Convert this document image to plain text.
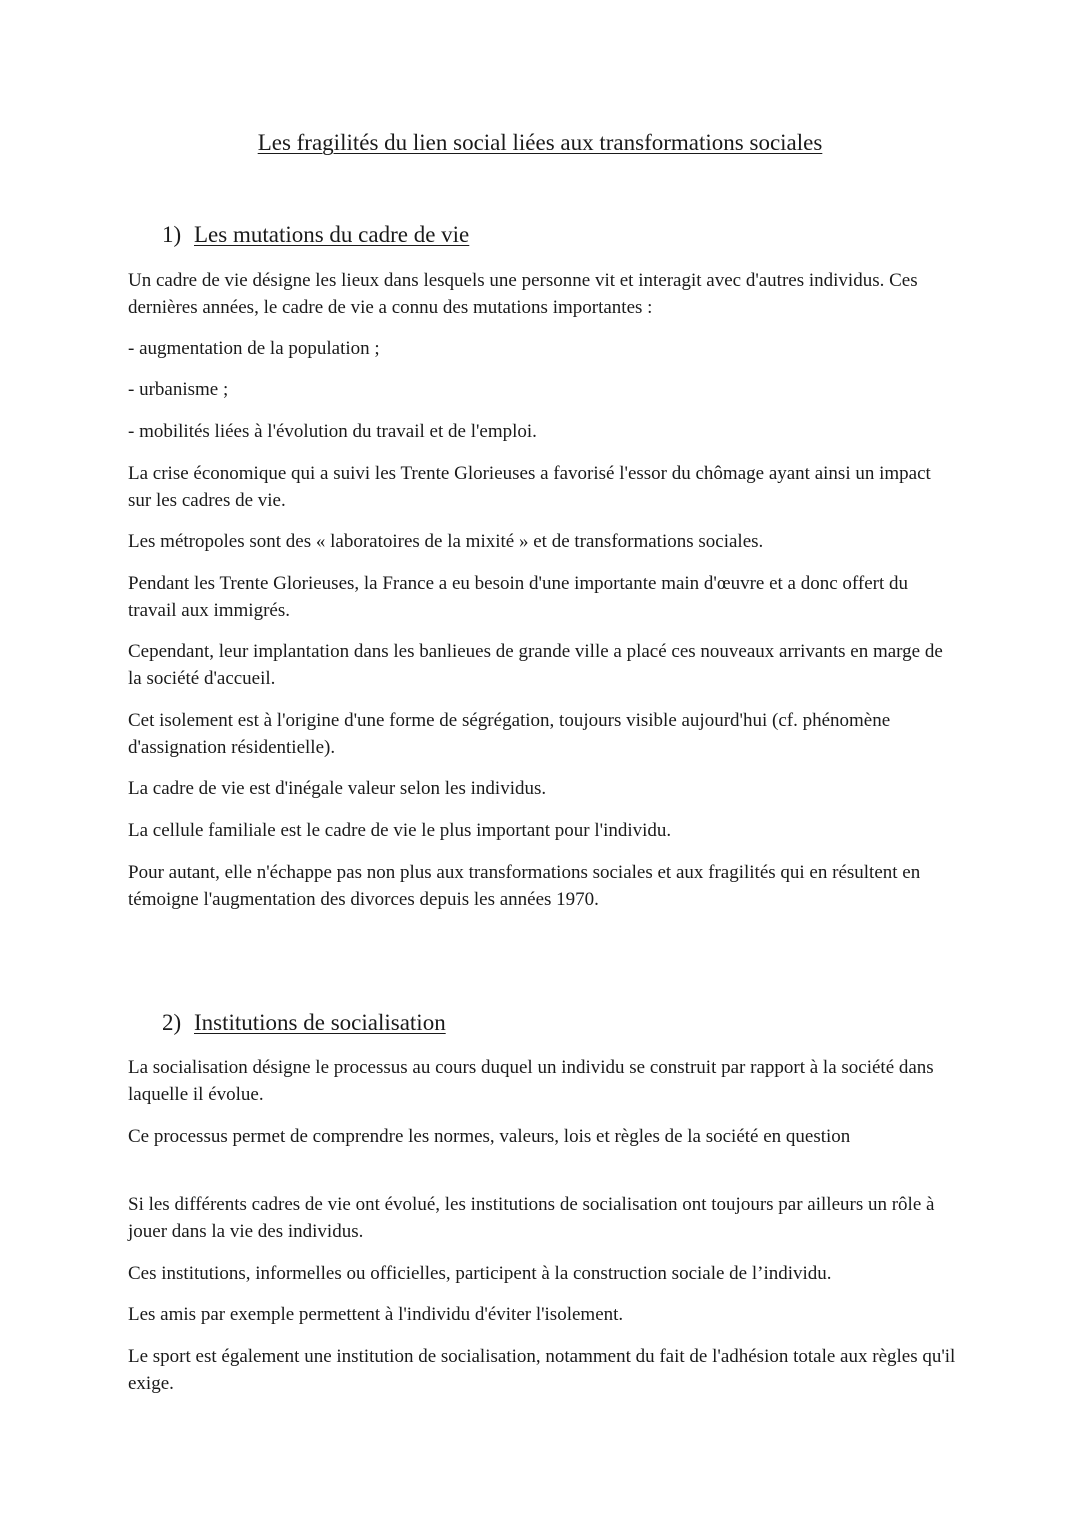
Les fragilités du lien social liées aux transformations sociales
1) Les mutations du cadre de vie

Un cadre de vie désigne les lieux dans lesquels une personne vit et interagit avec d'autres individus. Ces dernières années, le cadre de vie a connu des mutations importantes :

- augmentation de la population ;

- urbanisme ;

- mobilités liées à l'évolution du travail et de l'emploi.

La crise économique qui a suivi les Trente Glorieuses a favorisé l'essor du chômage ayant ainsi un impact sur les cadres de vie.

Les métropoles sont des « laboratoires de la mixité » et de transformations sociales.

Pendant les Trente Glorieuses, la France a eu besoin d'une importante main d'œuvre et a donc offert du travail aux immigrés.

Cependant, leur implantation dans les banlieues de grande ville a placé ces nouveaux arrivants en marge de la société d'accueil.

Cet isolement est à l'origine d'une forme de ségrégation, toujours visible aujourd'hui (cf. phénomène d'assignation résidentielle).

La cadre de vie est d'inégale valeur selon les individus.

La cellule familiale est le cadre de vie le plus important pour l'individu.

Pour autant, elle n'échappe pas non plus aux transformations sociales et aux fragilités qui en résultent en témoigne l'augmentation des divorces depuis les années 1970.

2) Institutions de socialisation

La socialisation désigne le processus au cours duquel un individu se construit par rapport à la société dans laquelle il évolue.

Ce processus permet de comprendre les normes, valeurs, lois et règles de la société en question

Si les différents cadres de vie ont évolué, les institutions de socialisation ont toujours par ailleurs un rôle à jouer dans la vie des individus.

Ces institutions, informelles ou officielles, participent à la construction sociale de l’individu.

Les amis par exemple permettent à l'individu d'éviter l'isolement.

Le sport est également une institution de socialisation, notamment du fait de l'adhésion totale aux règles qu'il exige.
